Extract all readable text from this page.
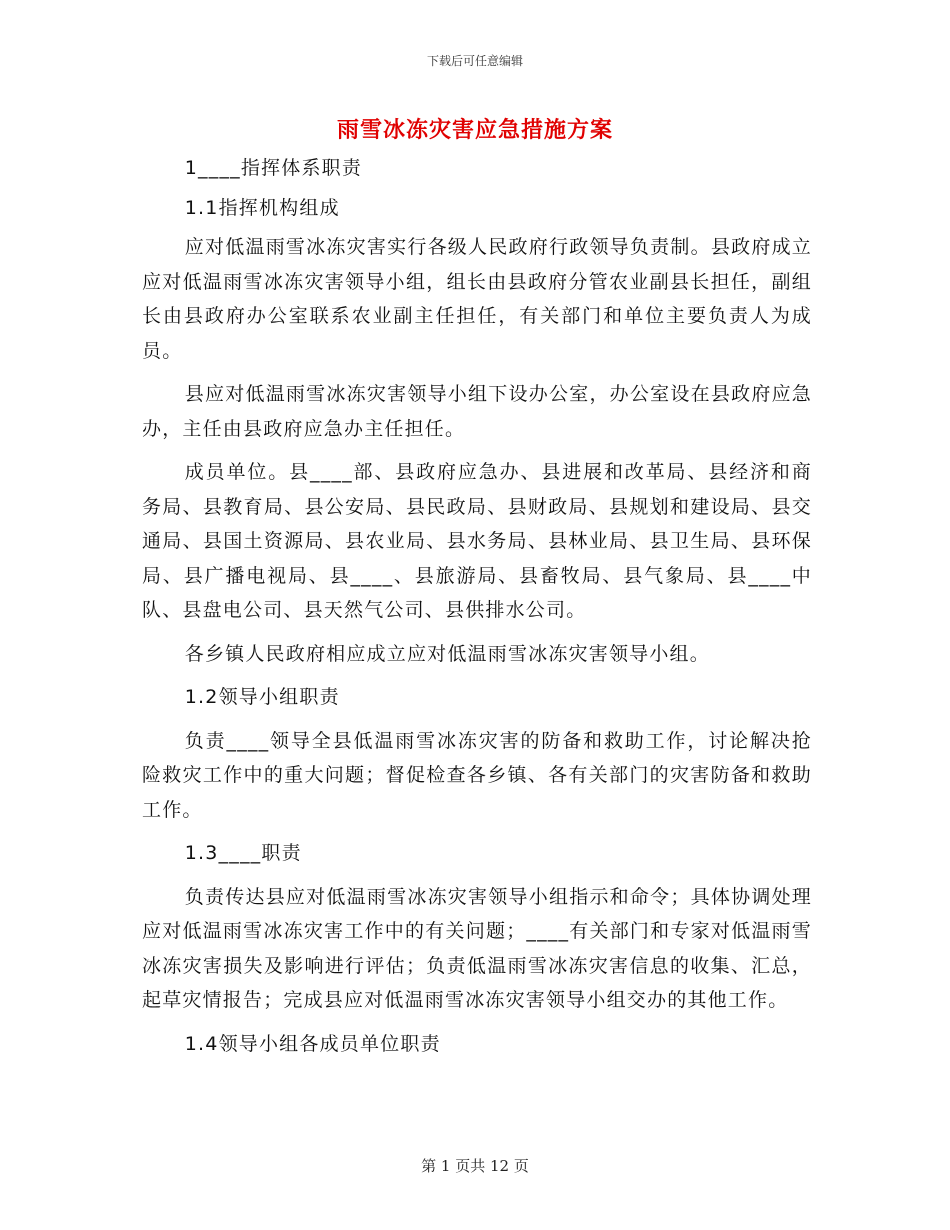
下载后可任意编辑
雨雪冰冻灾害应急措施方案

1____指挥体系职责

1.1指挥机构组成

应对低温雨雪冰冻灾害实行各级人民政府行政领导负责制。县政府成立应对低温雨雪冰冻灾害领导小组，组长由县政府分管农业副县长担任，副组长由县政府办公室联系农业副主任担任，有关部门和单位主要负责人为成员。

县应对低温雨雪冰冻灾害领导小组下设办公室，办公室设在县政府应急办，主任由县政府应急办主任担任。

成员单位。县____部、县政府应急办、县进展和改革局、县经济和商务局、县教育局、县公安局、县民政局、县财政局、县规划和建设局、县交通局、县国土资源局、县农业局、县水务局、县林业局、县卫生局、县环保局、县广播电视局、县____、县旅游局、县畜牧局、县气象局、县____中队、县盘电公司、县天然气公司、县供排水公司。

各乡镇人民政府相应成立应对低温雨雪冰冻灾害领导小组。

1.2领导小组职责

负责____领导全县低温雨雪冰冻灾害的防备和救助工作，讨论解决抢险救灾工作中的重大问题；督促检查各乡镇、各有关部门的灾害防备和救助工作。

1.3____职责

负责传达县应对低温雨雪冰冻灾害领导小组指示和命令；具体协调处理应对低温雨雪冰冻灾害工作中的有关问题；____有关部门和专家对低温雨雪冰冻灾害损失及影响进行评估；负责低温雨雪冰冻灾害信息的收集、汇总，起草灾情报告；完成县应对低温雨雪冰冻灾害领导小组交办的其他工作。

1.4领导小组各成员单位职责

第 1 页共 12 页
